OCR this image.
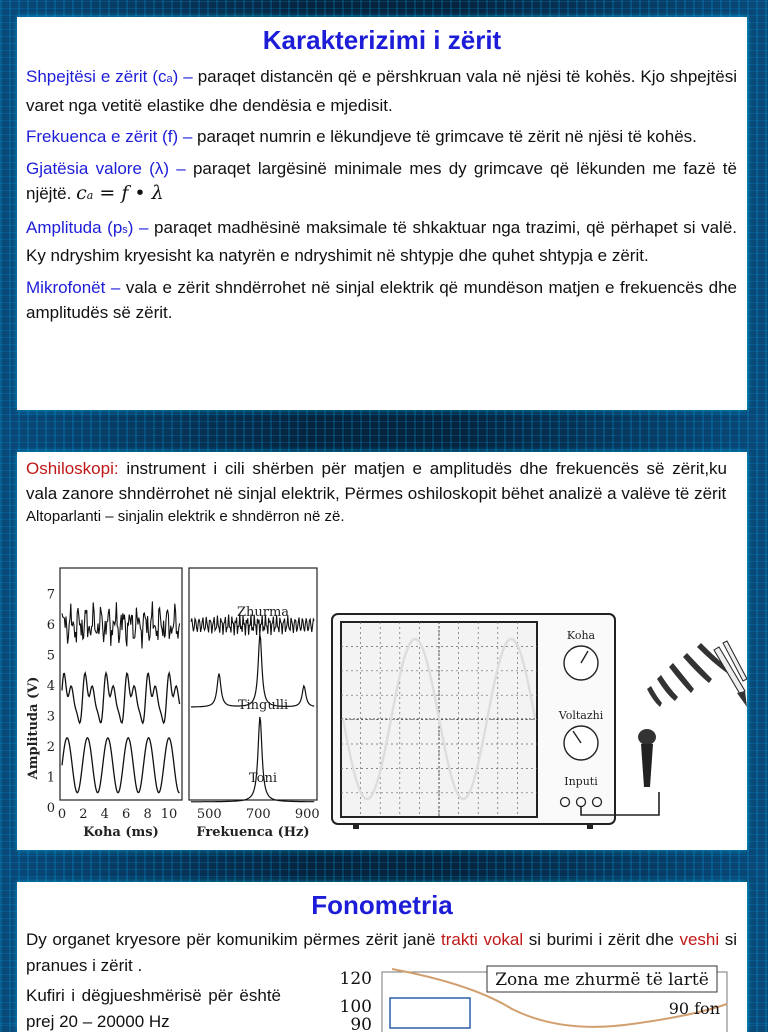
Karakterizimi i zërit

Shpejtësi e zërit (ca) – paraqet distancën që e përshkruan vala në njësi të kohës. Kjo shpejtësi varet nga vetitë elastike dhe dendësia e mjedisit.

Frekuenca e zërit (f) – paraqet numrin e lëkundjeve të grimcave të zërit në njësi të kohës.

Gjatësia valore (λ) – paraqet largësinë minimale mes dy grimcave që lëkunden me fazë të njëjtë. ca = f • λ

Amplituda (ps) – paraqet madhësinë maksimale të shkaktuar nga trazimi, që përhapet si valë. Ky ndryshim kryesisht ka natyrën e ndryshimit në shtypje dhe quhet shtypja e zërit.

Mikrofonët – vala e zërit shndërrohet në sinjal elektrik që mundëson matjen e frekuencës dhe amplitudës së zërit.

Oshiloskopi: instrument i cili shërben për matjen e amplitudës dhe frekuencës së zërit,ku vala zanore shndërrohet në sinjal elektrik, Përmes oshiloskopit bëhet analizë a valëve të zërit

Altoparlanti – sinjalin elektrik e shndërron në zë.
Amplituda (V)
7
6
5
4
3
2
1
0 0 2 4 6 8 10 500 700 900
Zhurma
Tingulli
Toni
Koha (ms)	Frekuenca (Hz)
Koha
Voltazhi
Inputi
Fonometria

Dy organet kryesore për komunikim përmes zërit janë trakti vokal si burimi i zërit dhe veshi si pranues i zërit .

Kufiri i dëgjueshmërisë për është prej 20 – 20000 Hz

120
100
90
Zona me zhurmë të lartë
90 fon
